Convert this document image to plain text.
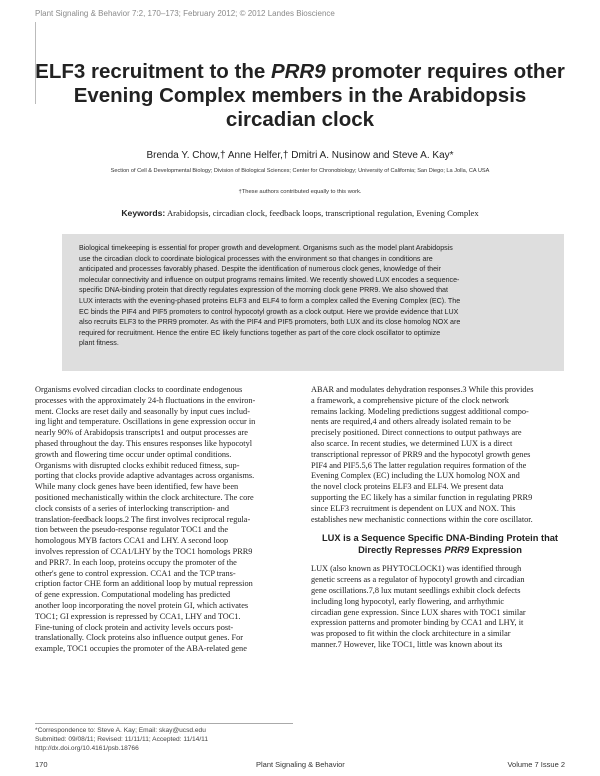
Plant Signaling & Behavior 7:2, 170–173; February 2012; © 2012 Landes Bioscience
ELF3 recruitment to the PRR9 promoter requires other Evening Complex members in the Arabidopsis circadian clock
Brenda Y. Chow,† Anne Helfer,† Dmitri A. Nusinow and Steve A. Kay*
Section of Cell & Developmental Biology; Division of Biological Sciences; Center for Chronobiology; University of California; San Diego; La Jolla, CA USA
†These authors contributed equally to this work.
Keywords: Arabidopsis, circadian clock, feedback loops, transcriptional regulation, Evening Complex
Biological timekeeping is essential for proper growth and development. Organisms such as the model plant Arabidopsis
use the circadian clock to coordinate biological processes with the environment so that changes in conditions are
anticipated and processes favorably phased. Despite the identification of numerous clock genes, knowledge of their
molecular connectivity and influence on output programs remains limited. We recently showed LUX encodes a sequence-
specific DNA-binding protein that directly regulates expression of the morning clock gene PRR9. We also showed that
LUX interacts with the evening-phased proteins ELF3 and ELF4 to form a complex called the Evening Complex (EC). The
EC binds the PIF4 and PIF5 promoters to control hypocotyl growth as a clock output. Here we provide evidence that LUX
also recruits ELF3 to the PRR9 promoter. As with the PIF4 and PIF5 promoters, both LUX and its close homolog NOX are
required for recruitment. Hence the entire EC likely functions together as part of the core clock oscillator to optimize
plant fitness.
Organisms evolved circadian clocks to coordinate endogenous
processes with the approximately 24-h fluctuations in the environ-
ment. Clocks are reset daily and seasonally by input cues includ-
ing light and temperature. Oscillations in gene expression occur in
nearly 90% of Arabidopsis transcripts1 and output processes are
phased throughout the day. This ensures responses like hypocotyl
growth and flowering time occur under optimal conditions.
Organisms with disrupted clocks exhibit reduced fitness, sup-
porting that clocks provide adaptive advantages across organisms.
While many clock genes have been identified, few have been
positioned mechanistically within the clock architecture. The core
clock consists of a series of interlocking transcription- and
translation-feedback loops.2 The first involves reciprocal regula-
tion between the pseudo-response regulator TOC1 and the
homologous MYB factors CCA1 and LHY. A second loop
involves repression of CCA1/LHY by the TOC1 homologs PRR9
and PRR7. In each loop, proteins occupy the promoter of the
other's gene to control expression. CCA1 and the TCP trans-
cription factor CHE form an additional loop by mutual repression
of gene expression. Computational modeling has predicted
another loop incorporating the novel protein GI, which activates
TOC1; GI expression is repressed by CCA1, LHY and TOC1.
Fine-tuning of clock protein and activity levels occurs post-
translationally. Clock proteins also influence output genes. For
example, TOC1 occupies the promoter of the ABA-related gene
ABAR and modulates dehydration responses.3 While this provides
a framework, a comprehensive picture of the clock network
remains lacking. Modeling predictions suggest additional compo-
nents are required,4 and others already isolated remain to be
precisely positioned. Direct connections to output pathways are
also scarce. In recent studies, we determined LUX is a direct
transcriptional repressor of PRR9 and the hypocotyl growth genes
PIF4 and PIF5.5,6 The latter regulation requires formation of the
Evening Complex (EC) including the LUX homolog NOX and
the novel clock proteins ELF3 and ELF4. We present data
supporting the EC likely has a similar function in regulating PRR9
since ELF3 recruitment is dependent on LUX and NOX. This
establishes new mechanistic connections within the core oscillator.
LUX is a Sequence Specific DNA-Binding Protein that
Directly Represses PRR9 Expression
LUX (also known as PHYTOCLOCK1) was identified through
genetic screens as a regulator of hypocotyl growth and circadian
gene oscillations.7,8 lux mutant seedlings exhibit clock defects
including long hypocotyl, early flowering, and arrhythmic
circadian gene expression. Since LUX shares with TOC1 similar
expression patterns and promoter binding by CCA1 and LHY, it
was proposed to fit within the clock architecture in a similar
manner.7 However, like TOC1, little was known about its
*Correspondence to: Steve A. Kay; Email: skay@ucsd.edu
Submitted: 09/08/11; Revised: 11/11/11; Accepted: 11/14/11
http://dx.doi.org/10.4161/psb.18766
170	Plant Signaling & Behavior	Volume 7 Issue 2
